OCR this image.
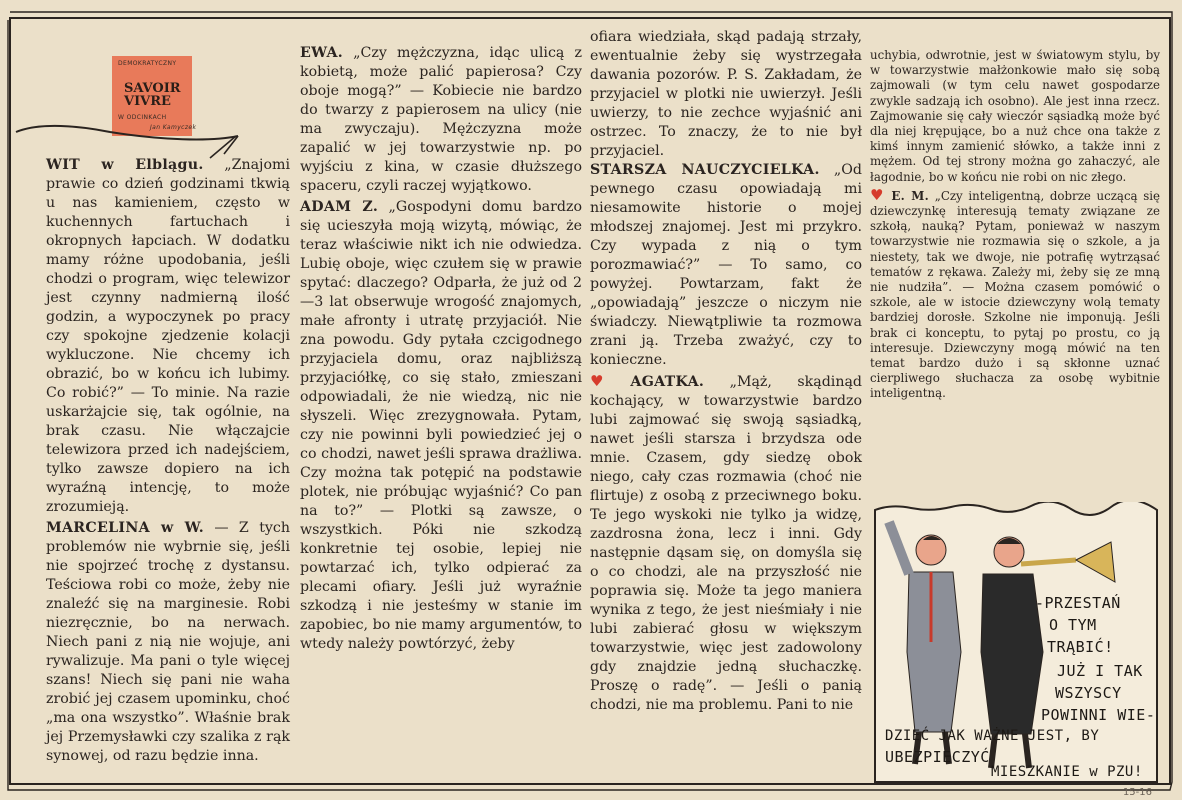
DEMOKRATYCZNY
SAVOIR
VIVRE
W ODCINKACH
Jan Kamyczek

WIT w Elblągu. „Znajomi prawie co dzień godzinami tkwią u nas kamieniem, często w kuchennych fartuchach i okropnych łapciach. W dodatku mamy różne upodobania, jeśli chodzi o program, więc telewizor jest czynny nadmierną ilość godzin, a wypoczynek po pracy czy spokojne zjedzenie kolacji wykluczone. Nie chcemy ich obrazić, bo w końcu ich lubimy. Co robić?” — To minie. Na razie uskarżajcie się, tak ogólnie, na brak czasu. Nie włączajcie telewizora przed ich nadejściem, tylko zawsze dopiero na ich wyraźną intencję, to może zrozumieją.

MARCELINA w W. — Z tych problemów nie wybrnie się, jeśli nie spojrzeć trochę z dystansu. Teściowa robi co może, żeby nie znaleźć się na marginesie. Robi niezręcznie, bo na nerwach. Niech pani z nią nie wojuje, ani rywalizuje. Ma pani o tyle więcej szans! Niech się pani nie waha zrobić jej czasem upominku, choć „ma ona wszystko”. Właśnie brak jej Przemysławki czy szalika z rąk synowej, od razu będzie inna.

EWA. „Czy mężczyzna, idąc ulicą z kobietą, może palić papierosa? Czy oboje mogą?” — Kobiecie nie bardzo do twarzy z papierosem na ulicy (nie ma zwyczaju). Mężczyzna może zapalić w jej towarzystwie np. po wyjściu z kina, w czasie dłuższego spaceru, czyli raczej wyjątkowo.

ADAM Z. „Gospodyni domu bardzo się ucieszyła moją wizytą, mówiąc, że teraz właściwie nikt ich nie odwiedza. Lubię oboje, więc czułem się w prawie spytać: dlaczego? Odparła, że już od 2—3 lat obserwuje wrogość znajomych, małe afronty i utratę przyjaciół. Nie zna powodu. Gdy pytała czcigodnego przyjaciela domu, oraz najbliższą przyjaciółkę, co się stało, zmieszani odpowiadali, że nie wiedzą, nic nie słyszeli. Więc zrezygnowała. Pytam, czy nie powinni byli powiedzieć jej o co chodzi, nawet jeśli sprawa drażliwa. Czy można tak potępić na podstawie plotek, nie próbując wyjaśnić? Co pan na to?” — Plotki są zawsze, o wszystkich. Póki nie szkodzą konkretnie tej osobie, lepiej nie powtarzać ich, tylko odpierać za plecami ofiary. Jeśli już wyraźnie szkodzą i nie jesteśmy w stanie im zapobiec, bo nie mamy argumentów, to wtedy należy powtórzyć, żeby

ofiara wiedziała, skąd padają strzały, ewentualnie żeby się wystrzegała dawania pozorów. P. S. Zakładam, że przyjaciel w plotki nie uwierzył. Jeśli uwierzy, to nie zechce wyjaśnić ani ostrzec. To znaczy, że to nie był przyjaciel.

STARSZA NAUCZYCIELKA. „Od pewnego czasu opowiadają mi niesamowite historie o mojej młodszej znajomej. Jest mi przykro. Czy wypada z nią o tym porozmawiać?” — To samo, co powyżej. Powtarzam, fakt że „opowiadają” jeszcze o niczym nie świadczy. Niewątpliwie ta rozmowa zrani ją. Trzeba zważyć, czy to konieczne.

♥ AGATKA. „Mąż, skądinąd kochający, w towarzystwie bardzo lubi zajmować się swoją sąsiadką, nawet jeśli starsza i brzydsza ode mnie. Czasem, gdy siedzę obok niego, cały czas rozmawia (choć nie flirtuje) z osobą z przeciwnego boku. Te jego wyskoki nie tylko ja widzę, zazdrosna żona, lecz i inni. Gdy następnie dąsam się, on domyśla się o co chodzi, ale na przyszłość nie poprawia się. Może ta jego maniera wynika z tego, że jest nieśmiały i nie lubi zabierać głosu w większym towarzystwie, więc jest zadowolony gdy znajdzie jedną słuchaczkę. Proszę o radę”. — Jeśli o panią chodzi, nie ma problemu. Pani to nie

uchybia, odwrotnie, jest w światowym stylu, by w towarzystwie małżonkowie mało się sobą zajmowali (w tym celu nawet gospodarze zwykle sadzają ich osobno). Ale jest inna rzecz. Zajmowanie się cały wieczór sąsiadką może być dla niej krępujące, bo a nuż chce ona także z kimś innym zamienić słówko, a także inni z mężem. Od tej strony można go zahaczyć, ale łagodnie, bo w końcu nie robi on nic złego.

♥ E. M. „Czy inteligentną, dobrze uczącą się dziewczynkę interesują tematy związane ze szkołą, nauką? Pytam, ponieważ w naszym towarzystwie nie rozmawia się o szkole, a ja niestety, tak we dwoje, nie potrafię wytrząsać tematów z rękawa. Zależy mi, żeby się ze mną nie nudziła”. — Można czasem pomówić o szkole, ale w istocie dziewczyny wolą tematy bardziej dorosłe. Szkolne nie imponują. Jeśli brak ci konceptu, to pytaj po prostu, co ją interesuje. Dziewczyny mogą mówić na ten temat bardzo dużo i są skłonne uznać cierpliwego słuchacza za osobę wybitnie inteligentną.

-PRZESTAŃ
O TYM
TRĄBIĆ!
JUŻ I TAK
WSZYSCY
POWINNI WIE-
DZIEĆ JAK WAŻNE JEST, BY
UBEZPIECZYĆ
MIESZKANIE w PZU!
15-16
